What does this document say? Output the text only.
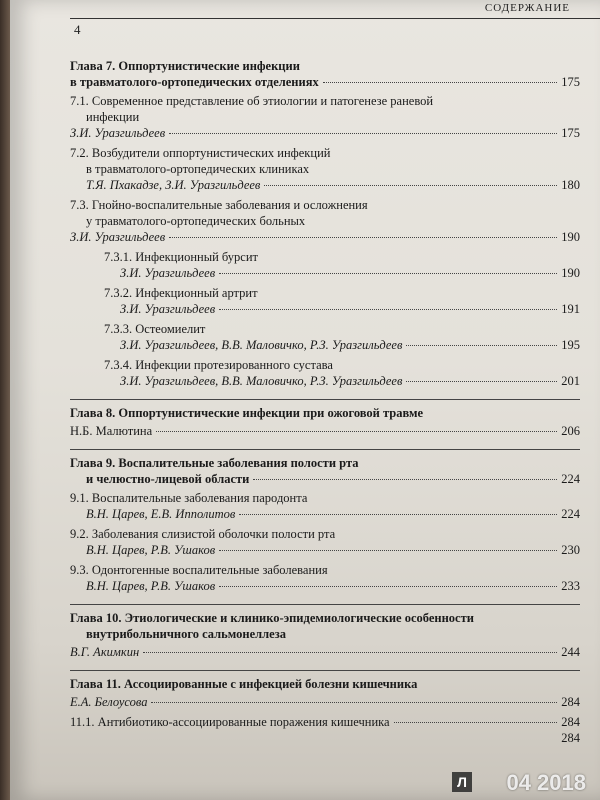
СОДЕРЖАНИЕ
4
Глава 7. Оппортунистические инфекции
в травматолого-ортопедических отделениях	175
7.1. Современное представление об этиологии и патогенезе раневой
инфекции
З.И. Уразгильдеев	175
7.2. Возбудители оппортунистических инфекций
в травматолого-ортопедических клиниках
Т.Я. Пхакадзе, З.И. Уразгильдеев	180
7.3. Гнойно-воспалительные заболевания и осложнения
у травматолого-ортопедических больных
З.И. Уразгильдеев	190
7.3.1. Инфекционный бурсит
З.И. Уразгильдеев	190
7.3.2. Инфекционный артрит
З.И. Уразгильдеев	191
7.3.3. Остеомиелит
З.И. Уразгильдеев, В.В. Маловичко, Р.З. Уразгильдеев	195
7.3.4. Инфекции протезированного сустава
З.И. Уразгильдеев, В.В. Маловичко, Р.З. Уразгильдеев	201
Глава 8. Оппортунистические инфекции при ожоговой травме
Н.Б. Малютина	206
Глава 9. Воспалительные заболевания полости рта
и челюстно-лицевой области	224
9.1. Воспалительные заболевания пародонта
В.Н. Царев, Е.В. Ипполитов	224
9.2. Заболевания слизистой оболочки полости рта
В.Н. Царев, Р.В. Ушаков	230
9.3. Одонтогенные воспалительные заболевания
В.Н. Царев, Р.В. Ушаков	233
Глава 10. Этиологические и клинико-эпидемиологические особенности
внутрибольничного сальмонеллеза
В.Г. Акимкин	244
Глава 11. Ассоциированные с инфекцией болезни кишечника
Е.А. Белоусова	284
11.1. Антибиотико-ассоциированные поражения кишечника	284
284
Л 04 2018
